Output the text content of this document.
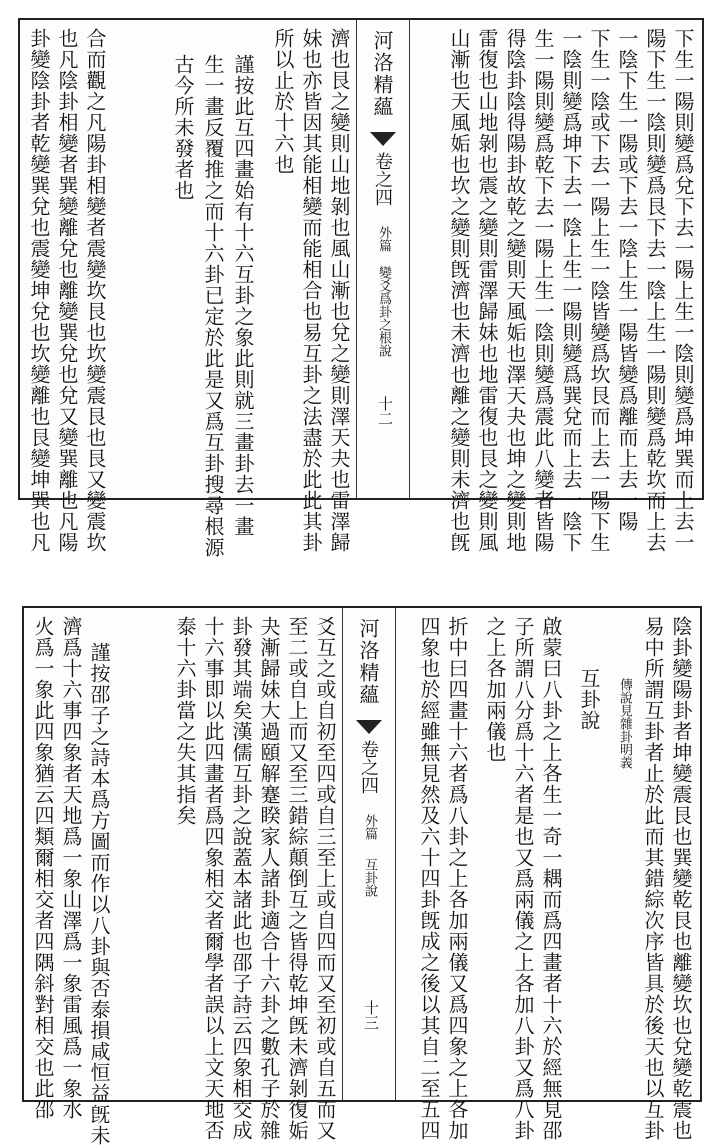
下生一陽則變爲兌下去一陽上生一陰則變爲坤巽而上去一
陽下生一陰則變爲艮下去一陰上生一陽則變爲乾坎而上去
一陰下生一陽或下去一陰上生一陽皆變爲離而上去一陽
下生一陰或下去一陽上生一陰皆變爲坎艮而上去一陽下生
一陰則變爲坤下去一陰上生一陽則變爲巽兌而上去一陰下
生一陽則變爲乾下去一陽上生一陰則變爲震此八變者皆陽
得陰卦陰得陽卦故乾之變則天風姤也澤天夬也坤之變則地
雷復也山地剝也震之變則雷澤歸妹也地雷復也艮之變則風
山漸也天風姤也坎之變則旣濟也未濟也離之變則未濟也旣
河洛精蘊
卷之四
外篇
變爻爲卦之根說
十二
濟也艮之變則山地剝也風山漸也兌之變則澤天夬也雷澤歸
妹也亦皆因其能相變而能相合也易互卦之法盡於此此其卦
所以止於十六也
謹按此互四畫始有十六互卦之象此則就三畫卦去一畫
生一畫反覆推之而十六卦已定於此是又爲互卦搜尋根源
古今所未發者也
合而觀之凡陽卦相變者震變坎艮也坎變震艮也艮又變震坎
也凡陰卦相變者巽變離兌也離變巽兌也兌又變巽離也凡陽
卦變陰卦者乾變巽兌也震變坤兌也坎變離也艮變坤巽也凡
陰卦變陽卦者坤變震艮也巽變乾艮也離變坎也兌變乾震也
易中所謂互卦者止於此而其錯綜次序皆具於後天也以互卦
傳說見雜卦明義
互卦說
啟蒙曰八卦之上各生一奇一耦而爲四畫者十六於經無見邵
子所謂八分爲十六者是也又爲兩儀之上各加八卦又爲八卦
之上各加兩儀也
折中曰四畫十六者爲八卦之上各加兩儀又爲四象之上各加
四象也於經雖無見然及六十四卦旣成之後以其自二至五四
河洛精蘊
卷之四
外篇
互卦說
十三
爻互之或自初至四或自三至上或自四而又至初或自五而又
至二或自上而又至三錯綜顛倒互之皆得乾坤旣未濟剝復姤
夬漸歸妹大過頤解蹇睽家人諸卦適合十六卦之數孔子於雜
卦發其端矣漢儒互卦之說蓋本諸此也邵子詩云四象相交成
十六事即以此四畫者爲四象相交者爾學者誤以上文天地否
泰十六卦當之失其指矣
謹按邵子之詩本爲方圖而作以八卦與否泰損咸恒益旣未
濟爲十六事四象者天地爲一象山澤爲一象雷風爲一象水
火爲一象此四象猶云四類爾相交者四隅斜對相交也此邵
